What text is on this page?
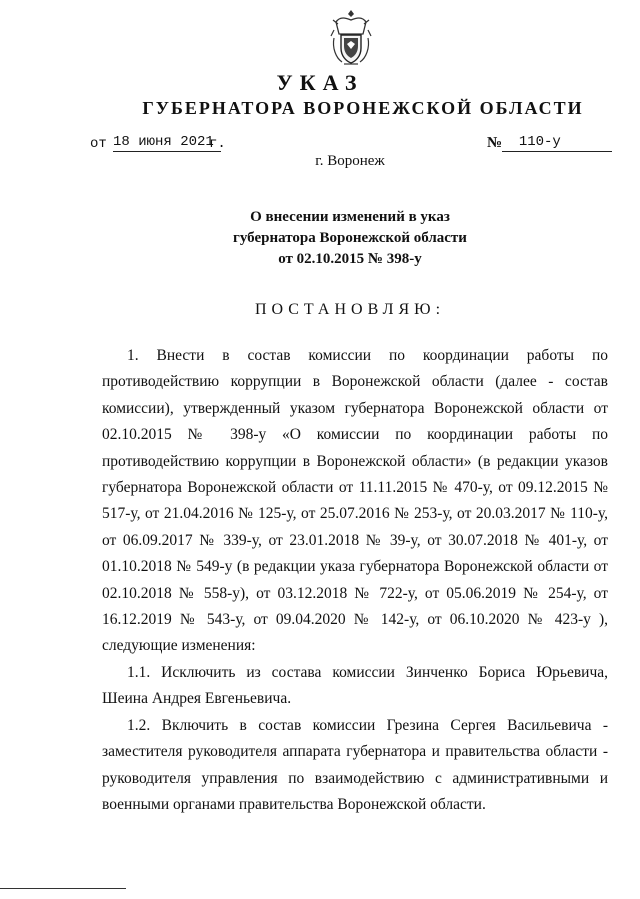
УКАЗ
ГУБЕРНАТОРА ВОРОНЕЖСКОЙ ОБЛАСТИ
от 18 июня 2021
г.	№	110-у
г. Воронеж
О внесении изменений в указ
губернатора Воронежской области
от 02.10.2015 № 398-у
ПОСТАНОВЛЯЮ:

1. Внести в состав комиссии по координации работы по противодействию коррупции в Воронежской области (далее - состав комиссии), утвержденный указом губернатора Воронежской области от 02.10.2015 № 398-у «О комиссии по координации работы по противодействию коррупции в Воронежской области» (в редакции указов губернатора Воронежской области от 11.11.2015 № 470-у, от 09.12.2015 № 517-у, от 21.04.2016 № 125-у, от 25.07.2016 № 253-у, от 20.03.2017 № 110-у, от 06.09.2017 № 339-у, от 23.01.2018 № 39-у, от 30.07.2018 № 401-у, от 01.10.2018 № 549-у (в редакции указа губернатора Воронежской области от 02.10.2018 № 558-у), от 03.12.2018 № 722-у, от 05.06.2019 № 254-у, от 16.12.2019 № 543-у, от 09.04.2020 № 142-у, от 06.10.2020 № 423-у ), следующие изменения:

1.1. Исключить из состава комиссии Зинченко Бориса Юрьевича, Шеина Андрея Евгеньевича.

1.2. Включить в состав комиссии Грезина Сергея Васильевича - заместителя руководителя аппарата губернатора и правительства области - руководителя управления по взаимодействию с административными и военными органами правительства Воронежской области.
